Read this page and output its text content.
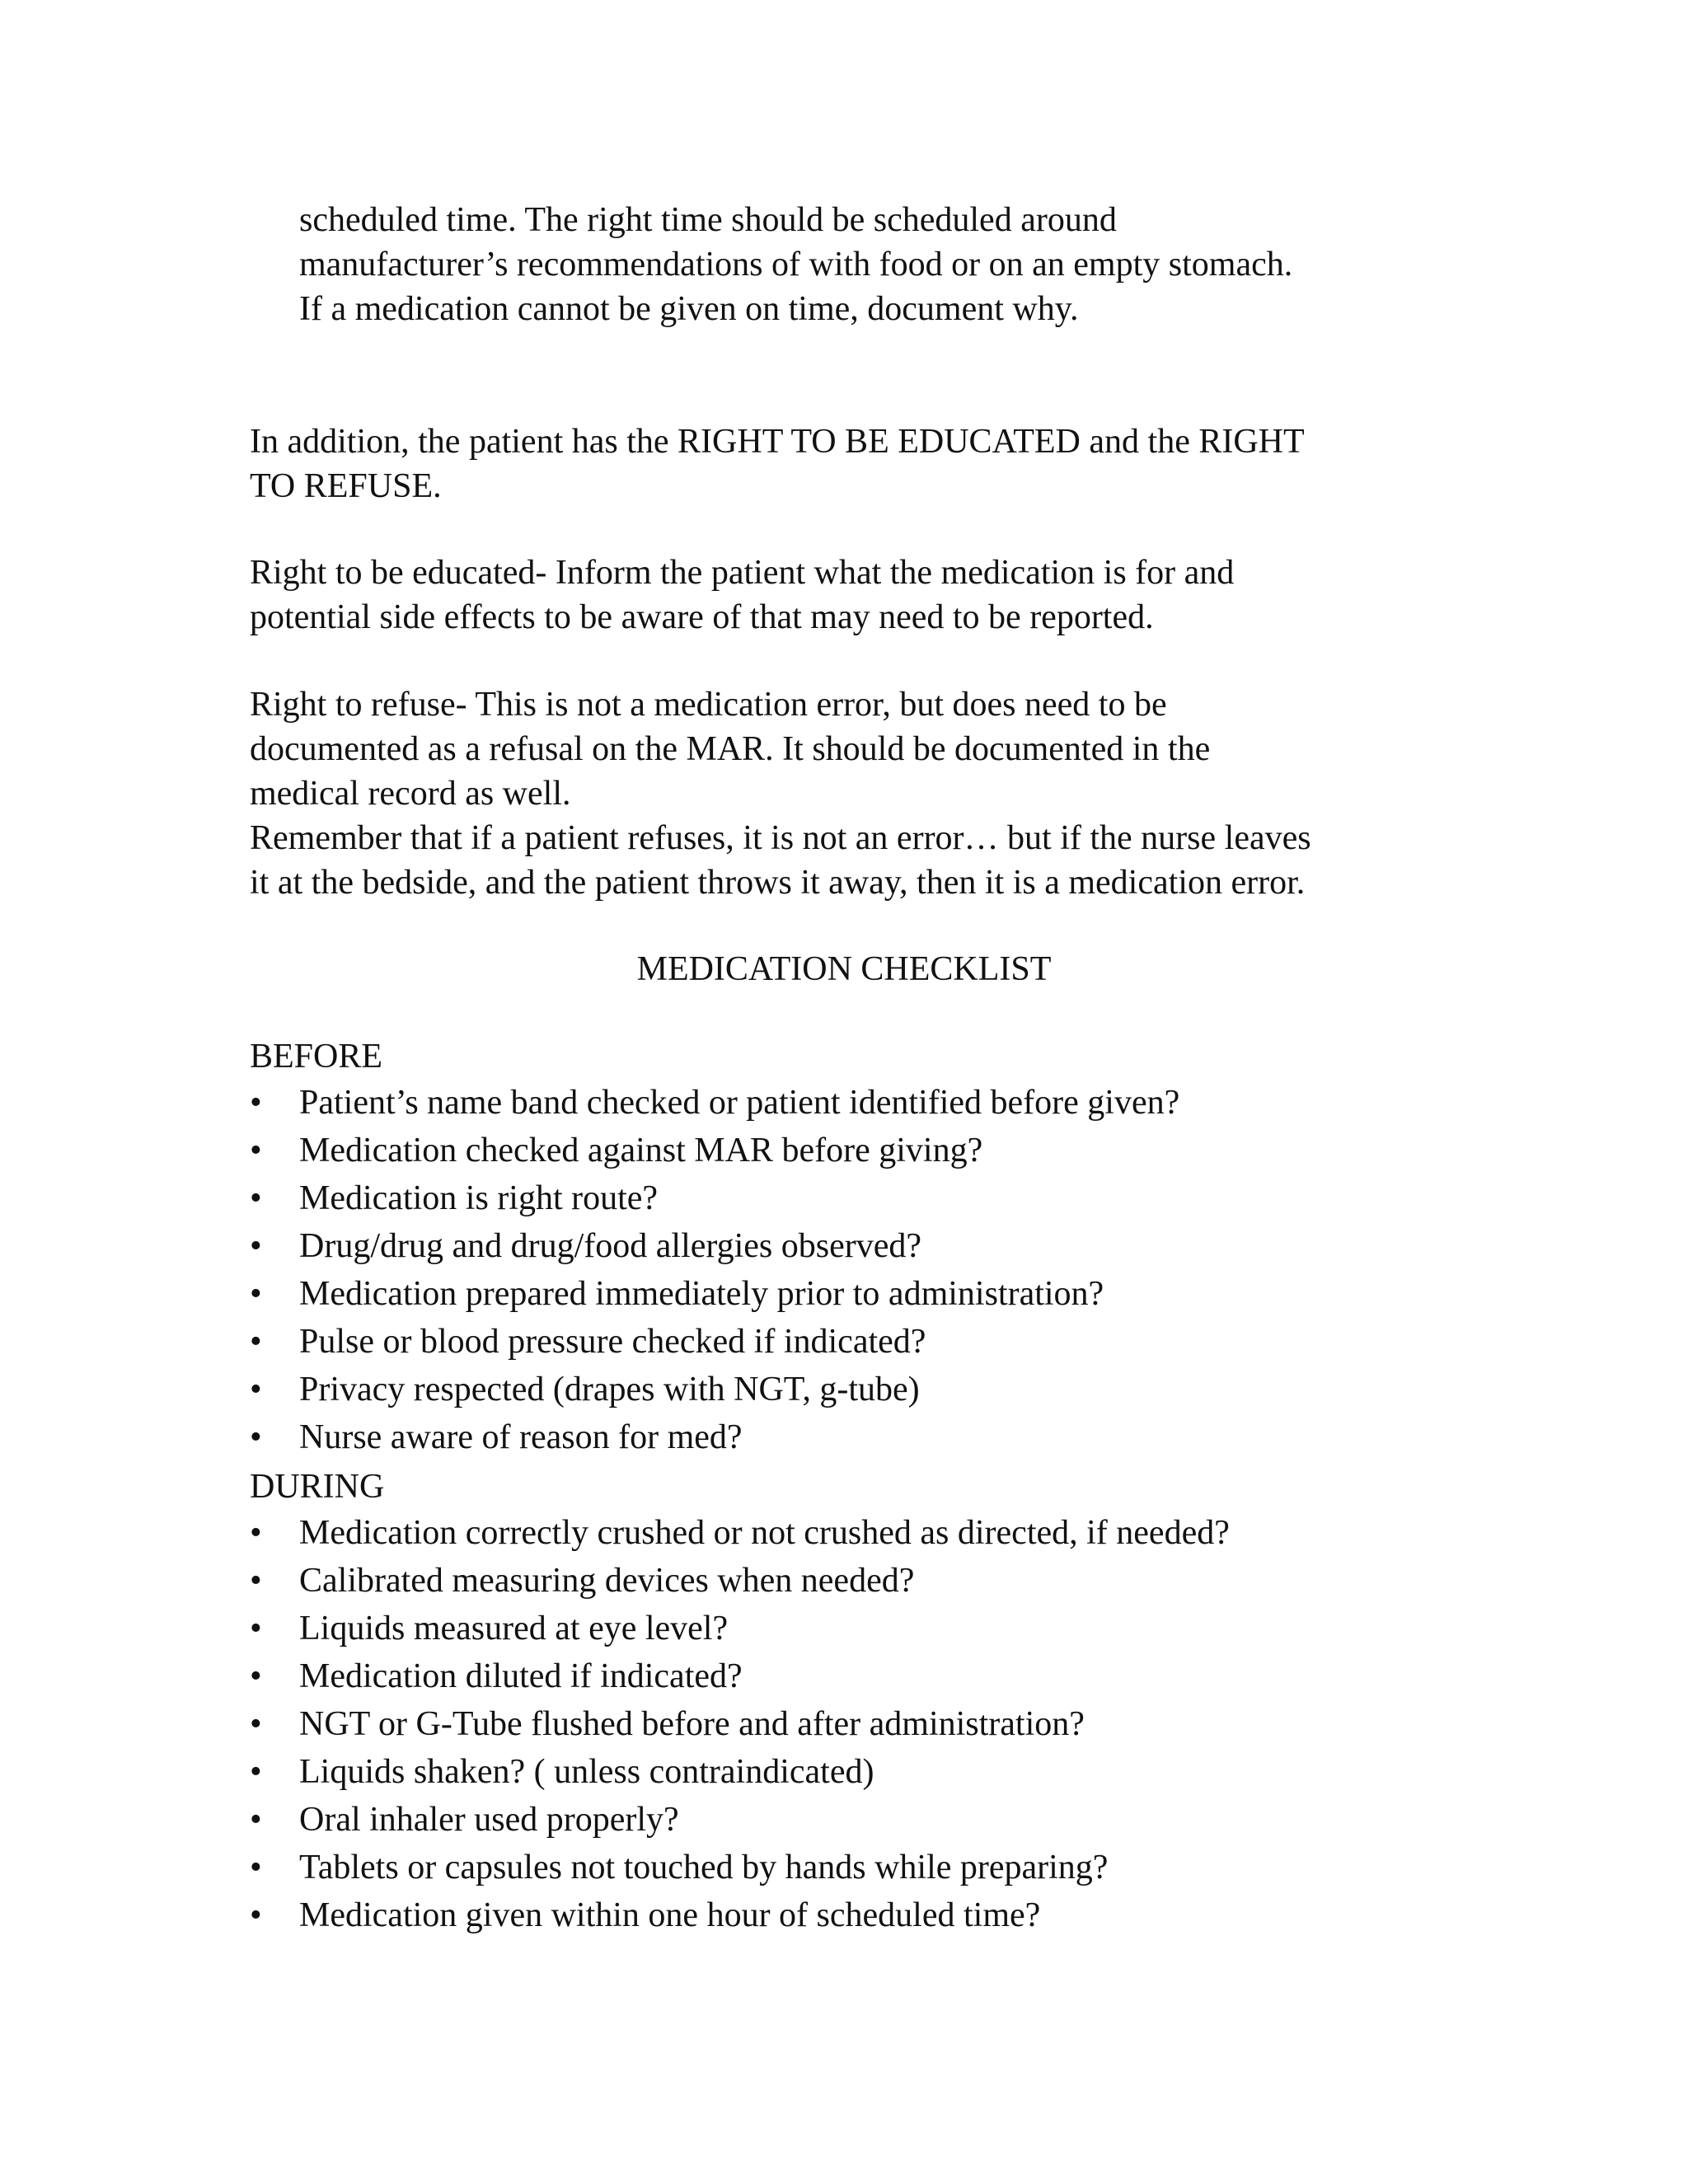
scheduled time. The right time should be scheduled around
manufacturer’s recommendations of with food or on an empty stomach.
If a medication cannot be given on time, document why.
In addition, the patient has the RIGHT TO BE EDUCATED and the RIGHT
TO REFUSE.
Right to be educated- Inform the patient what the medication is for and
potential side effects to be aware of that may need to be reported.
Right to refuse- This is not a medication error, but does need to be
documented as a refusal on the MAR. It should be documented in the
medical record as well.
Remember that if a patient refuses, it is not an error… but if the nurse leaves
it at the bedside, and the patient throws it away, then it is a medication error.
MEDICATION CHECKLIST
BEFORE
•	Patient’s name band checked or patient identified before given?
•	Medication checked against MAR before giving?
•	Medication is right route?
•	Drug/drug and drug/food allergies observed?
•	Medication prepared immediately prior to administration?
•	Pulse or blood pressure checked if indicated?
•	Privacy respected (drapes with NGT, g-tube)
•	Nurse aware of reason for med?
DURING
•	Medication correctly crushed or not crushed as directed, if needed?
•	Calibrated measuring devices when needed?
•	Liquids measured at eye level?
•	Medication diluted if indicated?
•	NGT or G-Tube flushed before and after administration?
•	Liquids shaken? ( unless contraindicated)
•	Oral inhaler used properly?
•	Tablets or capsules not touched by hands while preparing?
•	Medication given within one hour of scheduled time?
